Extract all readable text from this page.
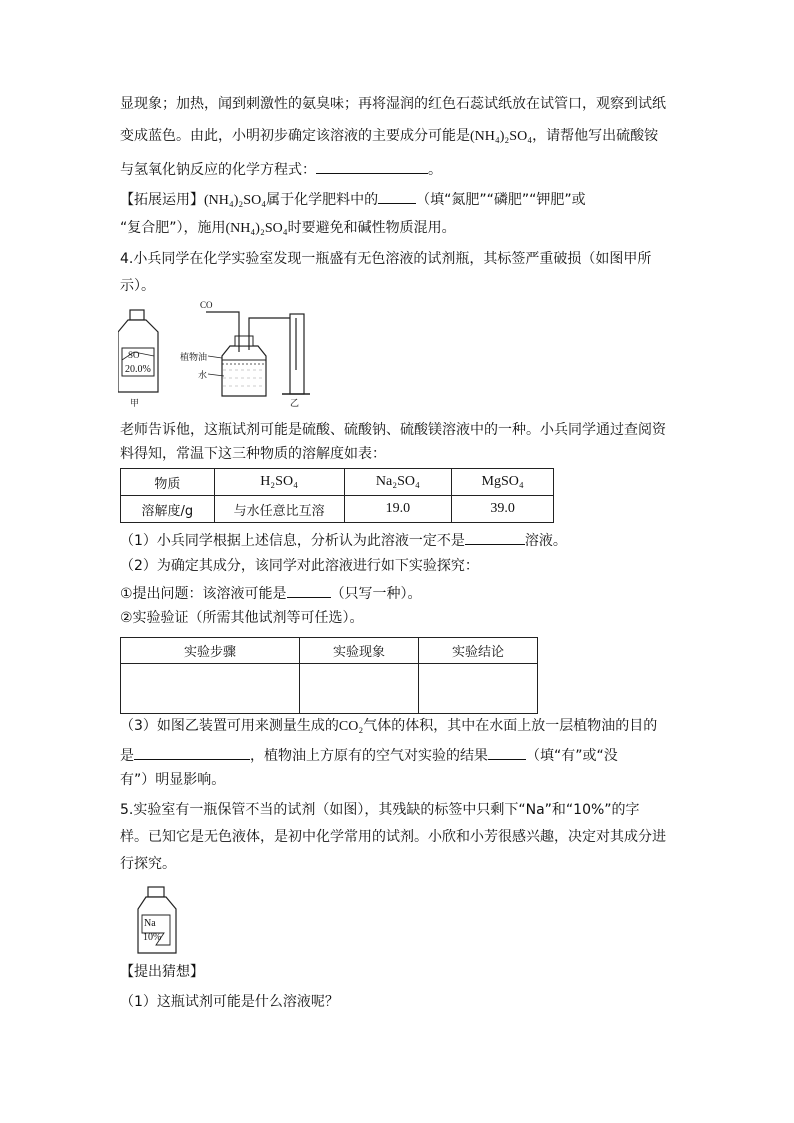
显现象；加热，闻到刺激性的氨臭味；再将湿润的红色石蕊试纸放在试管口，观察到试纸
变成蓝色。由此，小明初步确定该溶液的主要成分可能是(NH₄)₂SO₄，请帮他写出硫酸铵
与氢氧化钠反应的化学方程式：	。
【拓展运用】(NH₄)₂SO₄属于化学肥料中的	（填“氮肥”“磷肥”“钾肥”或
“复合肥”），施用(NH₄)₂SO₄时要避免和碱性物质混用。
4.小兵同学在化学实验室发现一瓶盛有无色溶液的试剂瓶，其标签严重破损（如图甲所
示）。
SO
20.0%
甲
CO
植物油
水
乙
老师告诉他，这瓶试剂可能是硫酸、硫酸钠、硫酸镁溶液中的一种。小兵同学通过查阅资
料得知，常温下这三种物质的溶解度如表：
物质	H₂SO₄	Na₂SO₄	MgSO₄
溶解度/g	与水任意比互溶	19.0	39.0
（1）小兵同学根据上述信息，分析认为此溶液一定不是	溶液。
（2）为确定其成分，该同学对此溶液进行如下实验探究：
①提出问题：该溶液可能是	（只写一种）。
②实验验证（所需其他试剂等可任选）。
实验步骤	实验现象	实验结论

（3）如图乙装置可用来测量生成的CO₂气体的体积，其中在水面上放一层植物油的目的
是	，植物油上方原有的空气对实验的结果	（填“有”或“没
有”）明显影响。
5.实验室有一瓶保管不当的试剂（如图），其残缺的标签中只剩下“Na”和“10%”的字
样。已知它是无色液体，是初中化学常用的试剂。小欣和小芳很感兴趣，决定对其成分进
行探究。
Na
10%
【提出猜想】
（1）这瓶试剂可能是什么溶液呢？
